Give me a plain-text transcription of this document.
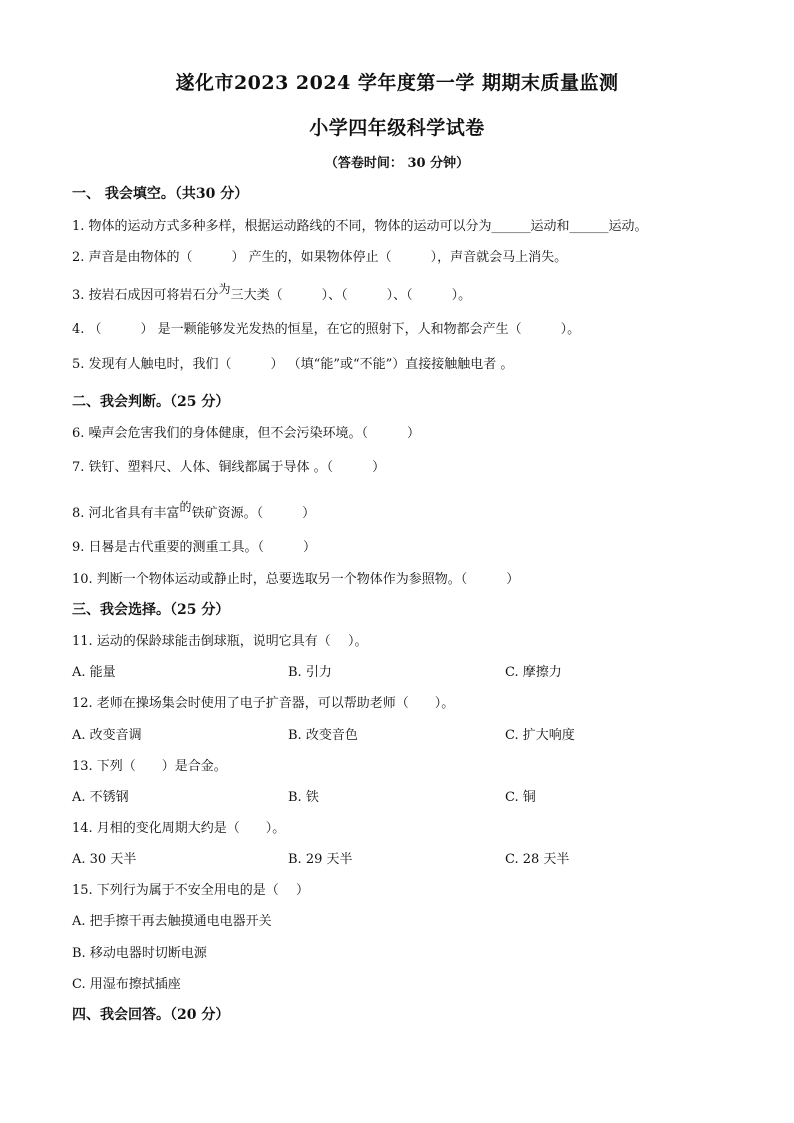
遂化市2023 2024 学年度第一学 期期末质量监测
小学四年级科学试卷
（答卷时间： 30 分钟）
一、 我会填空。（共30 分）
1. 物体的运动方式多种多样，根据运动路线的不同，物体的运动可以分为______运动和______运动。
2. 声音是由物体的（　　　） 产生的，如果物体停止（　　　），声音就会马上消失。
3. 按岩石成因可将岩石分为三大类（　　　）、（　　　）、（　　　）。
4. （　　　） 是一颗能够发光发热的恒星，在它的照射下，人和物都会产生（　　　）。
5. 发现有人触电时，我们（　　　） （填“能”或“不能”）直接接触触电者 。
二、我会判断。（25 分）
6. 噪声会危害我们的身体健康，但不会污染环境。（　　　）
7. 铁钉、塑料尺、人体、铜线都属于导体 。（　　　）
8. 河北省具有丰富的铁矿资源。（　　　）
9. 日晷是古代重要的测重工具。（　　　）
10. 判断一个物体运动或静止时，总要选取另一个物体作为参照物。（　　　）
三、我会选择。（25 分）
11. 运动的保龄球能击倒球瓶，说明它具有（　 ）。
A. 能量	B. 引力	C. 摩擦力
12. 老师在操场集会时使用了电子扩音器，可以帮助老师（　　）。
A. 改变音调	B. 改变音色	C. 扩大响度
13. 下列（　　）是合金。
A. 不锈钢	B. 铁	C. 铜
14. 月相的变化周期大约是（　　）。
A. 30 天半	B. 29 天半	C. 28 天半
15. 下列行为属于不安全用电的是（　 ）
A. 把手擦干再去触摸通电电器开关
B. 移动电器时切断电源
C. 用湿布擦拭插座
四、我会回答。（20 分）
